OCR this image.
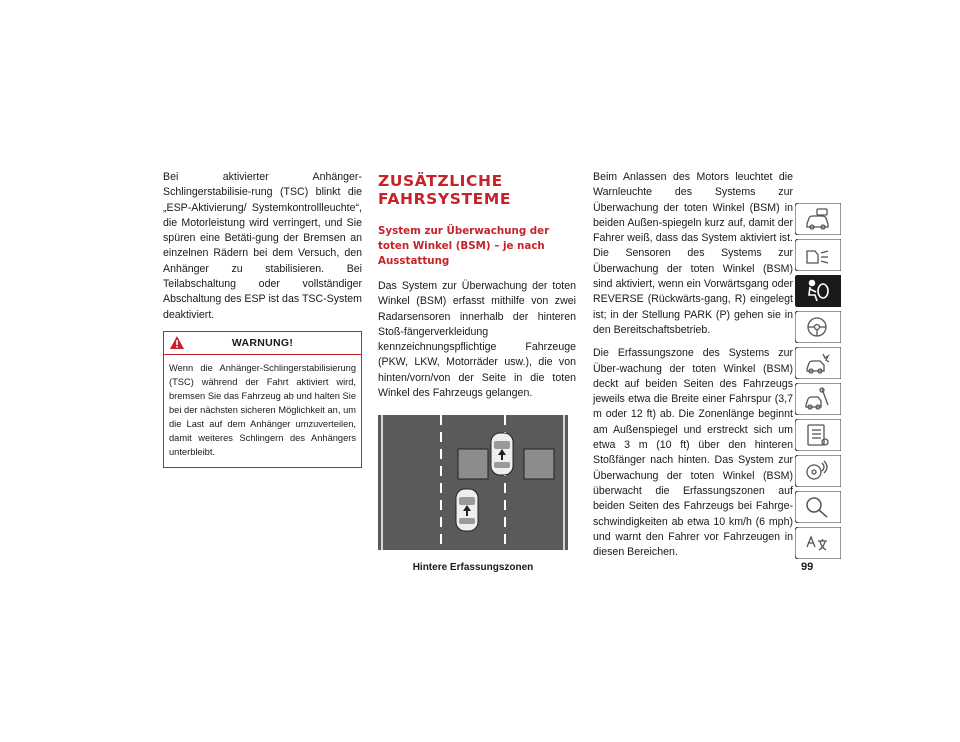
Bei aktivierter Anhänger-Schlingerstabilisie-rung (TSC) blinkt die „ESP-Aktivierung/ Systemkontrollleuchte“, die Motorleistung wird verringert, und Sie spüren eine Betäti-gung der Bremsen an einzelnen Rädern bei dem Versuch, den Anhänger zu stabilisieren. Bei Teilabschaltung oder vollständiger Abschaltung des ESP ist das TSC-System deaktiviert.

WARNUNG!
Wenn die Anhänger-Schlingerstabilisierung (TSC) während der Fahrt aktiviert wird, bremsen Sie das Fahrzeug ab und halten Sie bei der nächsten sicheren Möglichkeit an, um die Last auf dem Anhänger umzuverteilen, damit weiteres Schlingern des Anhängers unterbleibt.
ZUSÄTZLICHE FAHRSYSTEME
System zur Überwachung der toten Winkel (BSM) – je nach Ausstattung

Das System zur Überwachung der toten Winkel (BSM) erfasst mithilfe von zwei Radarsensoren innerhalb der hinteren Stoß-fängerverkleidung kennzeichnungspflichtige Fahrzeuge (PKW, LKW, Motorräder usw.), die von hinten/vorn/von der Seite in die toten Winkel des Fahrzeugs gelangen.

Hintere Erfassungszonen

Beim Anlassen des Motors leuchtet die Warnleuchte des Systems zur Überwachung der toten Winkel (BSM) in beiden Außen-spiegeln kurz auf, damit der Fahrer weiß, dass das System aktiviert ist. Die Sensoren des Systems zur Überwachung der toten Winkel (BSM) sind aktiviert, wenn ein Vorwärtsgang oder REVERSE (Rückwärts-gang, R) eingelegt ist; in der Stellung PARK (P) gehen sie in den Bereitschaftsbetrieb.

Die Erfassungszone des Systems zur Über-wachung der toten Winkel (BSM) deckt auf beiden Seiten des Fahrzeugs jeweils etwa die Breite einer Fahrspur (3,7 m oder 12 ft) ab. Die Zonenlänge beginnt am Außenspiegel und erstreckt sich um etwa 3 m (10 ft) über den hinteren Stoßfänger nach hinten. Das System zur Überwachung der toten Winkel (BSM) überwacht die Erfassungszonen auf beiden Seiten des Fahrzeugs bei Fahrge-schwindigkeiten ab etwa 10 km/h (6 mph) und warnt den Fahrer vor Fahrzeugen in diesen Bereichen.

99
